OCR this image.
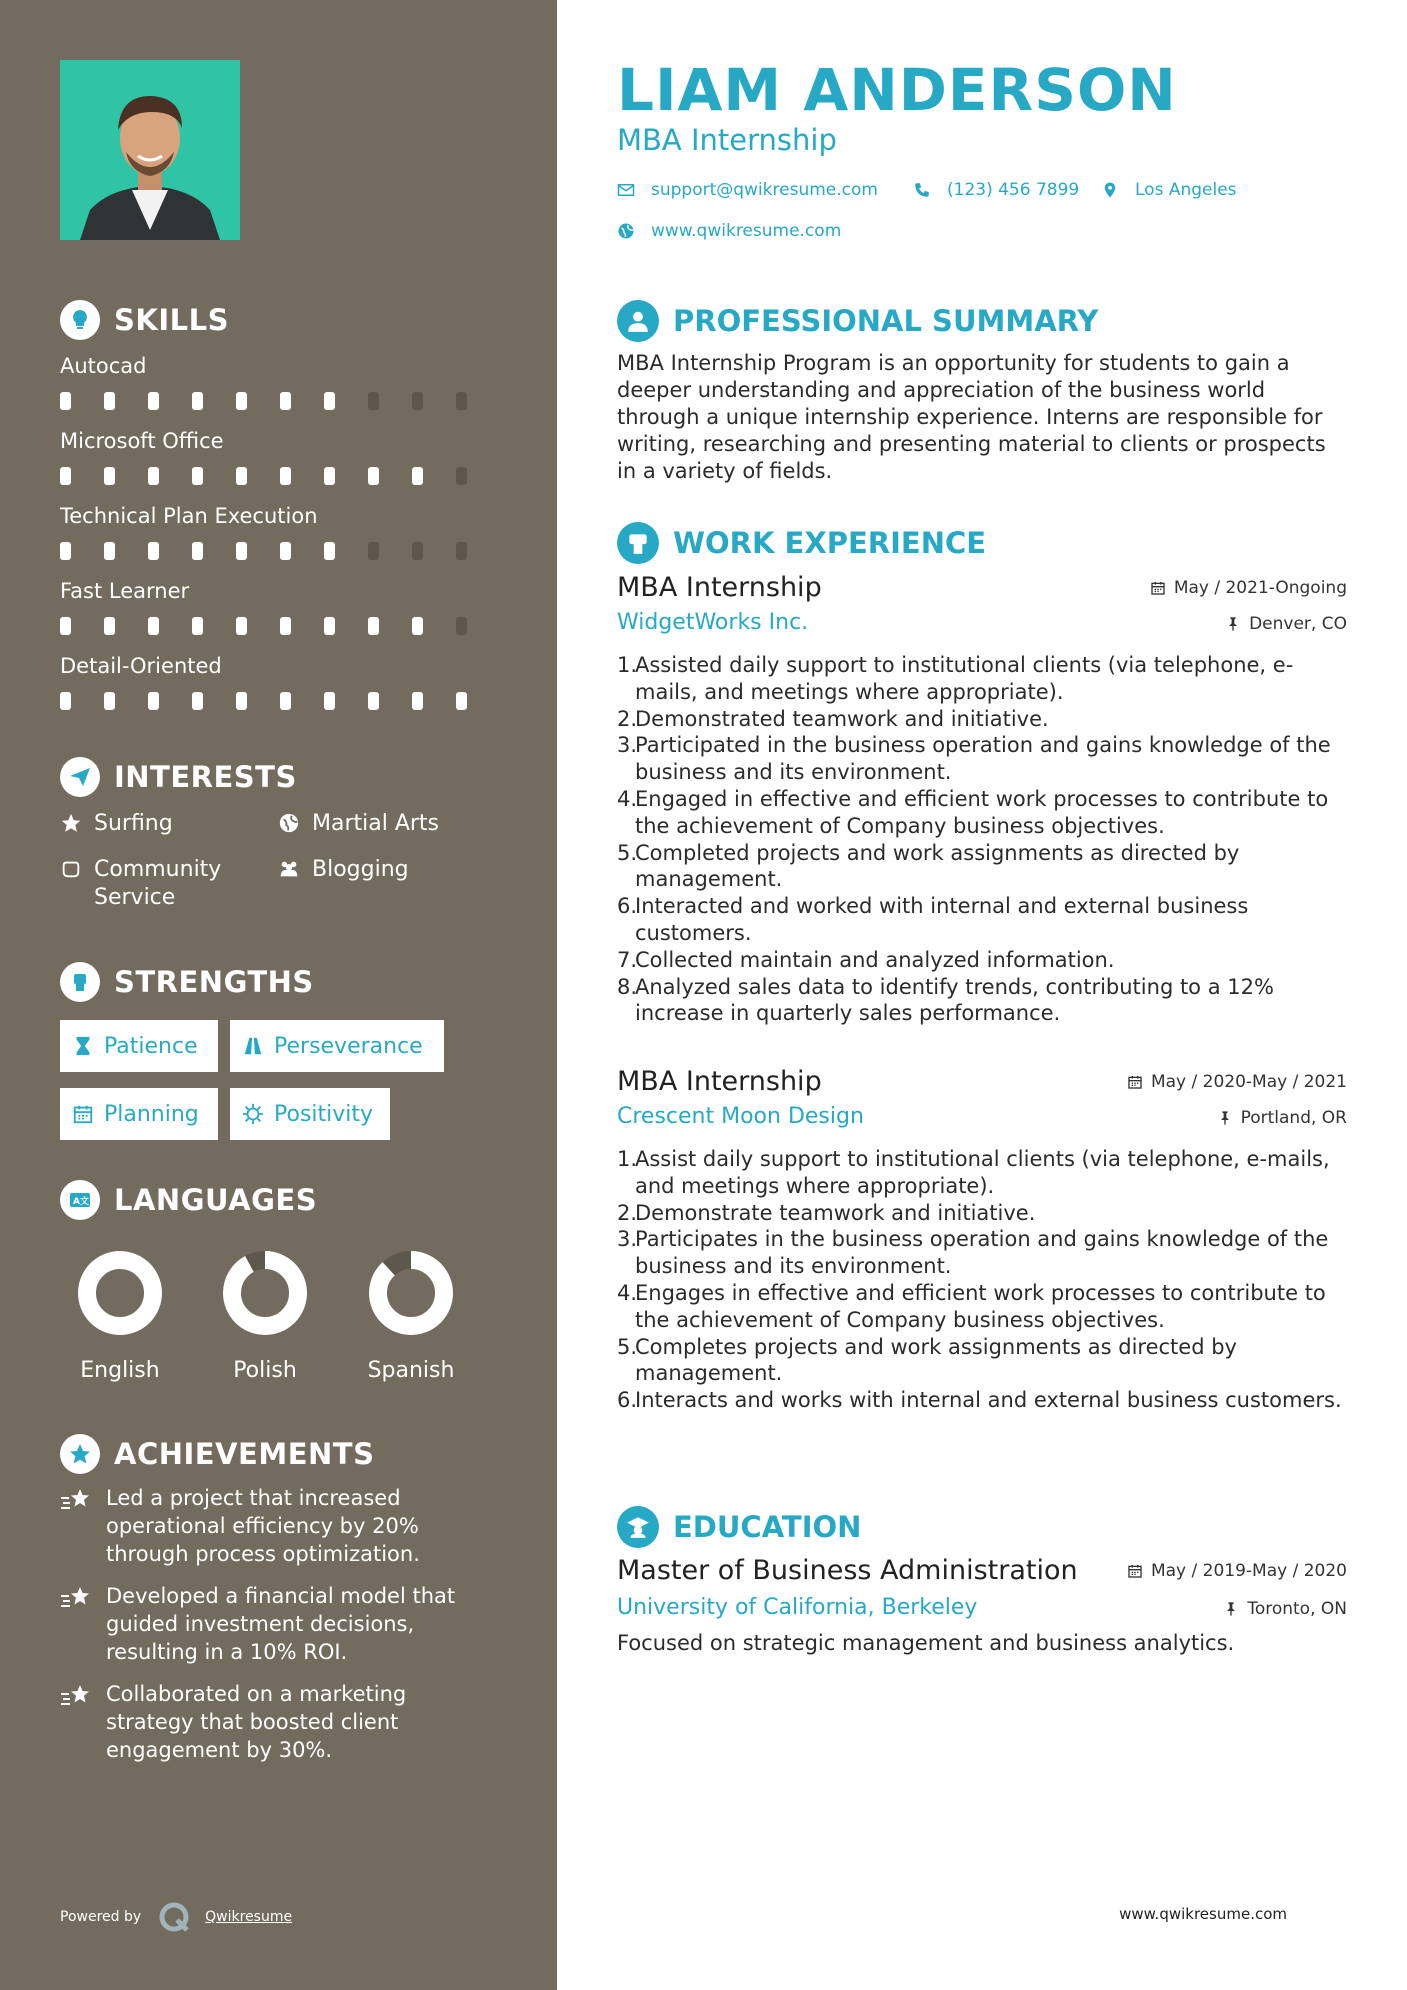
SKILLS
Autocad
Microsoft Office
Technical Plan Execution
Fast Learner
Detail-Oriented
INTERESTS
Surfing	Martial Arts
Community Service
Blogging
STRENGTHS
Patience	Perseverance
Planning	Positivity
A文 LANGUAGES
English	Polish	Spanish
ACHIEVEMENTS
Led a project that increased operational efficiency by 20% through process optimization.
Developed a financial model that guided investment decisions, resulting in a 10% ROI.
Collaborated on a marketing strategy that boosted client engagement by 30%.
Powered by	Qwikresume
LIAM ANDERSON
MBA Internship
support@qwikresume.com	(123) 456 7899	Los Angeles
www.qwikresume.com
PROFESSIONAL SUMMARY

MBA Internship Program is an opportunity for students to gain a deeper understanding and appreciation of the business world through a unique internship experience. Interns are responsible for writing, researching and presenting material to clients or prospects in a variety of fields.

WORK EXPERIENCE
MBA Internship	May / 2021-Ongoing
WidgetWorks Inc.	Denver, CO
1.
Assisted daily support to institutional clients (via telephone, e-mails, and meetings where appropriate).
2.
Demonstrated teamwork and initiative.
3.
Participated in the business operation and gains knowledge of the business and its environment.
4.
Engaged in effective and efficient work processes to contribute to the achievement of Company business objectives.
5.
Completed projects and work assignments as directed by management.
6.
Interacted and worked with internal and external business customers.
7.
Collected maintain and analyzed information.
8.
Analyzed sales data to identify trends, contributing to a 12% increase in quarterly sales performance.
MBA Internship	May / 2020-May / 2021
Crescent Moon Design	Portland, OR
1.
Assist daily support to institutional clients (via telephone, e-mails, and meetings where appropriate).
2.
Demonstrate teamwork and initiative.
3.
Participates in the business operation and gains knowledge of the business and its environment.
4.
Engages in effective and efficient work processes to contribute to the achievement of Company business objectives.
5.
Completes projects and work assignments as directed by management.
6.
Interacts and works with internal and external business customers.
EDUCATION
Master of Business Administration	May / 2019-May / 2020
University of California, Berkeley	Toronto, ON
Focused on strategic management and business analytics.
www.qwikresume.com
